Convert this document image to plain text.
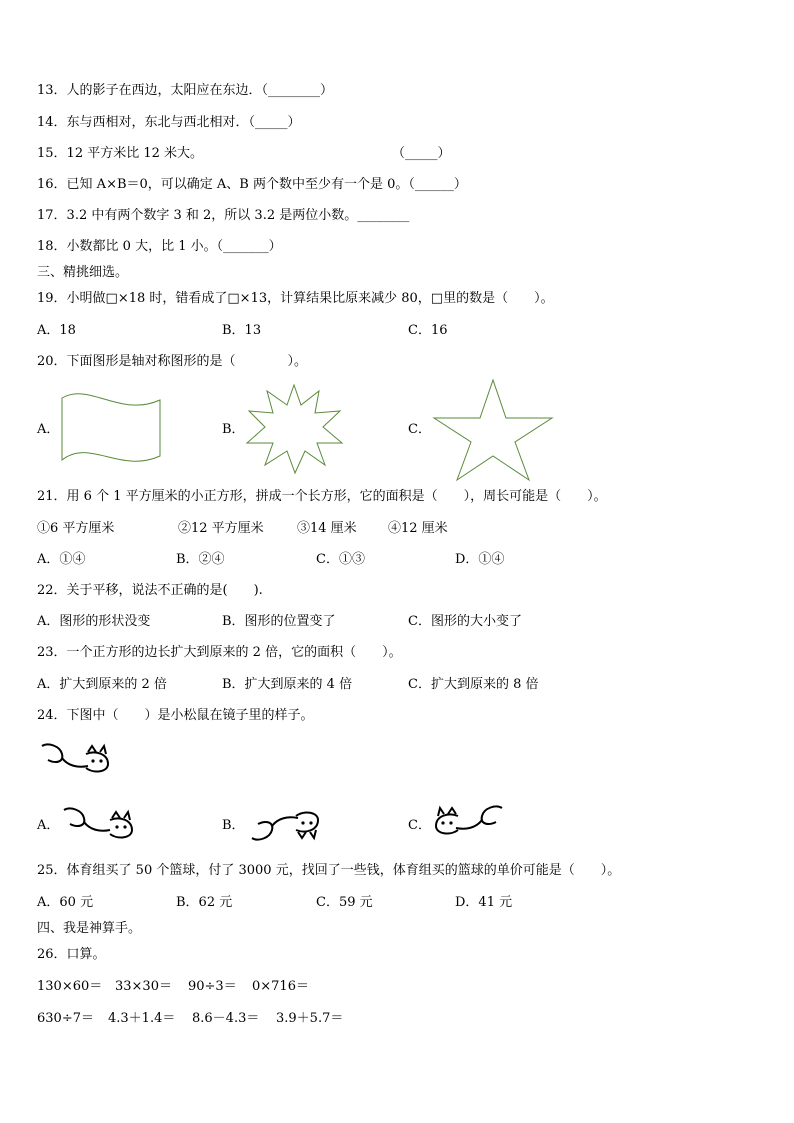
13．人的影子在西边，太阳应在东边．（________）
14．东与西相对，东北与西北相对．（_____）
15．12 平方米比 12 米大。	（_____）
16．已知 A×B＝0，可以确定 A、B 两个数中至少有一个是 0。（______）
17．3.2 中有两个数字 3 和 2，所以 3.2 是两位小数。________
18．小数都比 0 大，比 1 小。（_______）
三、精挑细选。
19．小明做□×18 时，错看成了□×13，计算结果比原来减少 80，□里的数是（　　）。
A．18	B．13	C．16
20．下面图形是轴对称图形的是（　　　　）。
A．	B．	C．
21．用 6 个 1 平方厘米的小正方形，拼成一个长方形，它的面积是（　　），周长可能是（　　）。
①6 平方厘米	②12 平方厘米	③14 厘米 ④12 厘米
A．①④	B．②④	C．①③	D．①④
22．关于平移，说法不正确的是(　　).
A．图形的形状没变	B．图形的位置变了	C．图形的大小变了
23．一个正方形的边长扩大到原来的 2 倍，它的面积（　　）。
A．扩大到原来的 2 倍	B．扩大到原来的 4 倍	C．扩大到原来的 8 倍
24．下图中（　　）是小松鼠在镜子里的样子。
A．	B．	C．
25．体育组买了 50 个篮球，付了 3000 元，找回了一些钱，体育组买的篮球的单价可能是（　　）。
A．60 元	B．62 元	C．59 元	D．41 元
四、我是神算手。
26．口算。
130×60＝ 33×30＝ 90÷3＝ 0×716＝
630÷7＝ 4.3＋1.4＝ 8.6－4.3＝ 3.9＋5.7＝
